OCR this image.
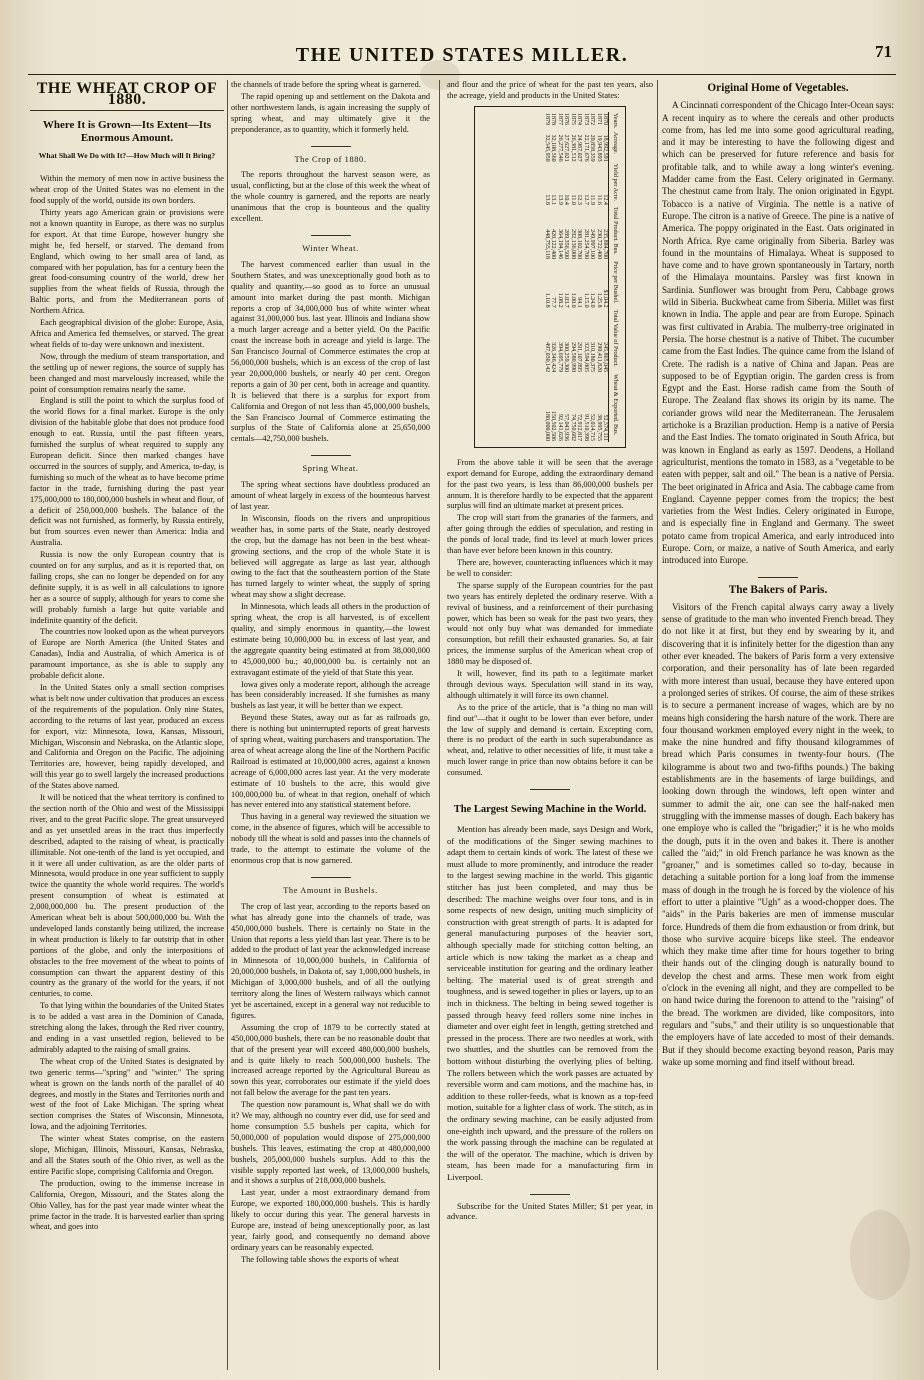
THE UNITED STATES MILLER.	71
THE WHEAT CROP OF 1880.
Where It is Grown—Its Extent—Its Enormous Amount.
What Shall We Do with It?—How Much will It Bring?

Within the memory of men now in active business the wheat crop of the United States was no element in the food supply of the world, outside its own borders.

Thirty years ago American grain or provisions were not a known quantity in Europe, as there was no surplus for export. At that time Europe, however hungry she might be, fed herself, or starved. The demand from England, which owing to her small area of land, as compared with her population, has for a century been the great food-consuming country of the world, drew her supplies from the wheat fields of Russia, through the Baltic ports, and from the Mediterranean ports of Northern Africa.

Each geographical division of the globe: Europe, Asia, Africa and America fed themselves, or starved. The great wheat fields of to-day were unknown and inexistent.

Now, through the medium of steam transportation, and the settling up of newer regions, the source of supply has been changed and most marvelously increased, while the point of consumption remains nearly the same.

England is still the point to which the surplus food of the world flows for a final market. Europe is the only division of the habitable globe that does not produce food enough to eat. Russia, until the past fifteen years, furnished the surplus of wheat required to supply any European deficit. Since then marked changes have occurred in the sources of supply, and America, to-day, is furnishing so much of the wheat as to have become prime factor in the trade, furnishing during the past year 175,000,000 to 180,000,000 bushels in wheat and flour, of a deficit of 250,000,000 bushels. The balance of the deficit was not furnished, as formerly, by Russia entirely, but from sources even newer than America: India and Australia.

Russia is now the only European country that is counted on for any surplus, and as it is reported that, on failing crops, she can no longer be depended on for any definite supply, it is as well in all calculations to ignore her as a source of supply, although for years to come she will probably furnish a large but quite variable and indefinite quantity of the deficit.

The countries now looked upon as the wheat purveyors of Europe are North America (the United States and Canadas), India and Australia, of which America is of paramount importance, as she is able to supply any probable deficit alone.

In the United States only a small section comprises what is belt now under cultivation that produces an excess of the requirements of the population. Only nine States, according to the returns of last year, produced an excess for export, viz: Minnesota, Iowa, Kansas, Missouri, Michigan, Wisconsin and Nebraska, on the Atlantic slope, and California and Oregon on the Pacific. The adjoining Territories are, however, being rapidly developed, and will this year go to swell largely the increased productions of the States above named.

It will be noticed that the wheat territory is confined to the section north of the Ohio and west of the Mississippi river, and to the great Pacific slope. The great unsurveyed and as yet unsettled areas in the tract thus imperfectly described, adapted to the raising of wheat, is practically illimitable. Not one-tenth of the land is yet occupied, and it it were all under cultivation, as are the older parts of Minnesota, would produce in one year sufficient to supply twice the quantity the whole world requires. The world's present consumption of wheat is estimated at 2,000,000,000 bu. The present production of the American wheat belt is about 500,000,000 bu. With the undeveloped lands constantly being utilized, the increase in wheat production is likely to far outstrip that in other portions of the globe, and only the interpositions of obstacles to the free movement of the wheat to points of consumption can thwart the apparent destiny of this country as the granary of the world for the years, if not centuries, to come.

To that lying within the boundaries of the United States is to be added a vast area in the Dominion of Canada, stretching along the lakes, through the Red river country, and ending in a vast unsettled region, believed to be admirably adapted to the raising of small grains.

The wheat crop of the United States is designated by two generic terms—"spring" and "winter." The spring wheat is grown on the lands north of the parallel of 40 degrees, and mostly in the States and Territories north and west of the foot of Lake Michigan. The spring wheat section comprises the States of Wisconsin, Minnesota, Iowa, and the adjoining Territories.

The winter wheat States comprise, on the eastern slope, Michigan, Illinois, Missouri, Kansas, Nebraska, and all the States south of the Ohio river, as well as the entire Pacific slope, comprising California and Oregon.

The production, owing to the immense increase in California, Oregon, Missouri, and the States along the Ohio Valley, has for the past year made winter wheat the prime factor in the trade. It is harvested earlier than spring wheat, and goes into

the channels of trade before the spring wheat is garnered.

The rapid opening up and settlement on the Dakota and other northwestern lands, is again increasing the supply of spring wheat, and may ultimately give it the preponderance, as to quantity, which it formerly held.

The Crop of 1880.

The reports throughout the harvest season were, as usual, conflicting, but at the close of this week the wheat of the whole country is garnered, and the reports are nearly unanimous that the crop is bounteous and the quality excellent.

Winter Wheat.

The harvest commenced earlier than usual in the Southern States, and was unexceptionally good both as to quality and quantity,—so good as to force an unusual amount into market during the past month. Michigan reports a crop of 34,000,000 bus of white winter wheat against 31,000,000 bus. last year. Illinois and Indiana show a much larger acreage and a better yield. On the Pacific coast the increase both in acreage and yield is large. The San Francisco Journal of Commerce estimates the crop at 56,000,000 bushels, which is an excess of the crop of last year 20,000,000 bushels, or nearly 40 per cent. Oregon reports a gain of 30 per cent, both in acreage and quantity. It is believed that there is a surplus for export from California and Oregon of not less than 45,000,000 bushels, the San Francisco Journal of Commerce estimating the surplus of the State of California alone at 25,650,000 centals—42,750,000 bushels.

Spring Wheat.

The spring wheat sections have doubtless produced an amount of wheat largely in excess of the bounteous harvest of last year.

In Wisconsin, floods on the rivers and unpropitious weather has, in some parts of the State, nearly destroyed the crop, but the damage has not been in the best wheat-growing sections, and the crop of the whole State it is believed will aggregate as large as last year, although owing to the fact that the southeastern portion of the State has turned largely to winter wheat, the supply of spring wheat may show a slight decrease.

In Minnesota, which leads all others in the production of spring wheat, the crop is all harvested, is of excellent quality, and simply enormous in quantity,—the lowest estimate being 10,000,000 bu. in excess of last year, and the aggregate quantity being estimated at from 38,000,000 to 45,000,000 bu.; 40,000,000 bu. is certainly not an extravagant estimate of the yield of that State this year.

Iowa gives only a moderate report, although the acreage has been considerably increased. If she furnishes as many bushels as last year, it will be better than we expect.

Beyond these States, away out as far as railroads go, there is nothing but uninterrupted reports of great harvests of spring wheat, waiting purchasers and transportation. The area of wheat acreage along the line of the Northern Pacific Railroad is estimated at 10,000,000 acres, against a known acreage of 6,000,000 acres last year. At the very moderate estimate of 10 bushels to the acre, this would give 100,000,000 bu. of wheat in that region, onehalf of which has never entered into any statistical statement before.

Thus having in a general way reviewed the situation we come, in the absence of figures, which will be accessible to nobody till the wheat is sold and passes into the channels of trade, to the attempt to estimate the volume of the enormous crop that is now garnered.

The Amount in Bushels.

The crop of last year, according to the reports based on what has already gone into the channels of trade, was 450,000,000 bushels. There is certainly no State in the Union that reports a less yield than last year. There is to be added to the product of last year the acknowledged increase in Minnesota of 10,000,000 bushels, in California of 20,000,000 bushels, in Dakota of, say 1,000,000 bushels, in Michigan of 3,000,000 bushels, and of all the outlying territory along the lines of Western railways which cannot yet be ascertained, except in a general way not reducible to figures.

Assuming the crop of 1879 to be correctly stated at 450,000,000 bushels, there can be no reasonable doubt that that of the present year will exceed 480,000,000 bushels, and is quite likely to reach 500,000,000 bushels. The increased acreage reported by the Agricultural Bureau as sown this year, corroborates our estimate if the yield does not fall below the average for the past ten years.

The question now paramount is, What shall we do with it? We may, although no country ever did, use for seed and home consumption 5.5 bushels per capita, which for 50,000,000 of population would dispose of 275,000,000 bushels. This leaves, estimating the crop at 480,000,000 bushels, 205,000,000 bushels surplus. Add to this the visible supply reported last week, of 13,000,000 bushels, and it shows a surplus of 218,000,000 bushels.

Last year, under a most extraordinary demand from Europe, we exported 180,000,000 bushels. This is hardly likely to occur during this year. The general harvests in Europe are, instead of being unexceptionally poor, as last year, fairly good, and consequently no demand above ordinary years can be reasonably expected.

The following table shows the exports of wheat

and flour and the price of wheat for the past ten years, also the acreage, yield and products in the United States:

Years.	Acreage.	Yield per Acre.	Total Product. Bus.	Price per Bushel.	Total Value of Product.	Wheat & Exported. Bus.
1870	18,992,591	12.4	235,884,700	$1.04.2	245,865,045	52,574,111
1871	19,943,893	11.6	230,722,400	1.25.8	290,411,820	38,995,755
1872	20,858,359	11.9	249,997,100	1.24.0	310,180,375	52,014,715
1873	22,171,676	12.7	281,254,700	1.15.0	323,594,805	91,510,398
1874	24,967,027	12.3	308,102,700	94.1	291,107,895	72,912,817
1875	26,381,512	11.0	292,136,000	1.00.0	294,580,990	74,750,682
1876	27,627,021	10.4	289,356,500	1.03.7	300,259,300	57,043,936
1877	26,277,546	13.9	364,194,146	1.08.2	394,695,779	92,141,626
1878	32,108,560	13.1	420,122,400	77.7	326,346,424	150,502,506
1879	32,545,950	13.8	448,755,118	1.10.8	497,030,142	180,000,000

From the above table it will be seen that the average export demand for Europe, adding the extraordinary demand for the past two years, is less than 86,000,000 bushels per annum. It is therefore hardly to be expected that the apparent surplus will find an ultimate market at present prices.

The crop will start from the granaries of the farmers, and after going through the eddies of speculation, and resting in the ponds of local trade, find its level at much lower prices than have ever before been known in this country.

There are, however, counteracting influences which it may be well to consider:

The sparse supply of the European countries for the past two years has entirely depleted the ordinary reserve. With a revival of business, and a reinforcement of their purchasing power, which has been so weak for the past two years, they would not only buy what was demanded for immediate consumption, but refill their exhausted granaries. So, at fair prices, the immense surplus of the American wheat crop of 1880 may be disposed of.

It will, however, find its path to a legitimate market through devious ways. Speculation will stand in its way, although ultimately it will force its own channel.

As to the price of the article, that is "a thing no man will find out"—that it ought to be lower than ever before, under the law of supply and demand is certain. Excepting corn, there is no product of the earth in such superabundance as wheat, and, relative to other necessities of life, it must take a much lower range in price than now obtains before it can be consumed.

The Largest Sewing Machine in the World.

Mention has already been made, says Design and Work, of the modifications of the Singer sewing machines to adapt them to certain kinds of work. The latest of these we must allude to more prominently, and introduce the reader to the largest sewing machine in the world. This gigantic stitcher has just been completed, and may thus be described: The machine weighs over four tons, and is in some respects of new design, uniting much simplicity of construction with great strength of parts. It is adapted for general manufacturing purposes of the heavier sort, although specially made for stitching cotton belting, an article which is now taking the market as a cheap and serviceable institution for gearing and the ordinary leather belting. The material used is of great strength and toughness, and is sewed together in plies or layers, up to an inch in thickness. The belting in being sewed together is passed through heavy feed rollers some nine inches in diameter and over eight feet in length, getting stretched and pressed in the process. There are two needles at work, with two shuttles, and the shuttles can be removed from the bottom without disturbing the overlying plies of belting. The rollers between which the work passes are actuated by reversible worm and cam motions, and the machine has, in addition to these roller-feeds, what is known as a top-feed motion, suitable for a lighter class of work. The stitch, as in the ordinary sewing machine, can be easily adjusted from one-eighth inch upward, and the pressure of the rollers on the work passing through the machine can be regulated at the will of the operator. The machine, which is driven by steam, has been made for a manufacturing firm in Liverpool.

Subscribe for the United States Miller; $1 per year, in advance.

Original Home of Vegetables.

A Cincinnati correspondent of the Chicago Inter-Ocean says: A recent inquiry as to where the cereals and other products come from, has led me into some good agricultural reading, and it may be interesting to have the following digest and which can be preserved for future reference and basis for profitable talk, and to while away a long winter's evening. Madder came from the East. Celery originated in Germany. The chestnut came from Italy. The onion originated in Egypt. Tobacco is a native of Virginia. The nettle is a native of Europe. The citron is a native of Greece. The pine is a native of America. The poppy originated in the East. Oats originated in North Africa. Rye came originally from Siberia. Barley was found in the mountains of Himalaya. Wheat is supposed to have come and to have grown spontaneously in Tartary, north of the Himalaya mountains. Parsley was first known in Sardinia. Sunflower was brought from Peru, Cabbage grows wild in Siberia. Buckwheat came from Siberia. Millet was first known in India. The apple and pear are from Europe. Spinach was first cultivated in Arabia. The mulberry-tree originated in Persia. The horse chestnut is a native of Thibet. The cucumber came from the East Indies. The quince came from the Island of Crete. The radish is a native of China and Japan. Peas are supposed to be of Egyptian origin. The garden cress is from Egypt and the East. Horse radish came from the South of Europe. The Zealand flax shows its origin by its name. The coriander grows wild near the Mediterranean. The Jerusalem artichoke is a Brazilian production. Hemp is a native of Persia and the East Indies. The tomato originated in South Africa, but was known in England as early as 1597. Deodens, a Holland agriculturist, mentions the tomato in 1583, as a "vegetable to be eaten with pepper, salt and oil." The bean is a native of Persia. The beet originated in Africa and Asia. The cabbage came from England. Cayenne pepper comes from the tropics; the best varieties from the West Indies. Celery originated in Europe, and is especially fine in England and Germany. The sweet potato came from tropical America, and early introduced into Europe. Corn, or maize, a native of South America, and early introduced into Europe.

The Bakers of Paris.

Visitors of the French capital always carry away a lively sense of gratitude to the man who invented French bread. They do not like it at first, but they end by swearing by it, and discovering that it is infinitely better for the digestion than any other ever kneaded. The bakers of Paris form a very extensive corporation, and their personality has of late been regarded with more interest than usual, because they have entered upon a prolonged series of strikes. Of course, the aim of these strikes is to secure a permanent increase of wages, which are by no means high considering the harsh nature of the work. There are four thousand workmen employed every night in the week, to make the nine hundred and fifty thousand kilogrammes of bread which Paris consumes in twenty-four hours. (The kilogramme is about two and two-fifths pounds.) The baking establishments are in the basements of large buildings, and looking down through the windows, left open winter and summer to admit the air, one can see the half-naked men struggling with the immense masses of dough. Each bakery has one employe who is called the "brigadier;" it is he who molds the dough, puts it in the oven and bakes it. There is another called the "aid;" in old French parlance he was known as the "groaner," and is sometimes called so to-day, because in detaching a suitable portion for a long loaf from the immense mass of dough in the trough he is forced by the violence of his effort to utter a plaintive "Ugh" as a wood-chopper does. The "aids" in the Paris bakeries are men of immense muscular force. Hundreds of them die from exhaustion or from drink, but those who survive acquire biceps like steel. The endeavor which they make time after time for hours together to bring their hands out of the clinging dough is naturally bound to develop the chest and arms. These men work from eight o'clock in the evening all night, and they are compelled to be on hand twice during the forenoon to attend to the "raising" of the bread. The workmen are divided, like compositors, into regulars and "subs," and their utility is so unquestionable that the employers have of late acceded to most of their demands. But if they should become exacting beyond reason, Paris may wake up some morning and find itself without bread.
